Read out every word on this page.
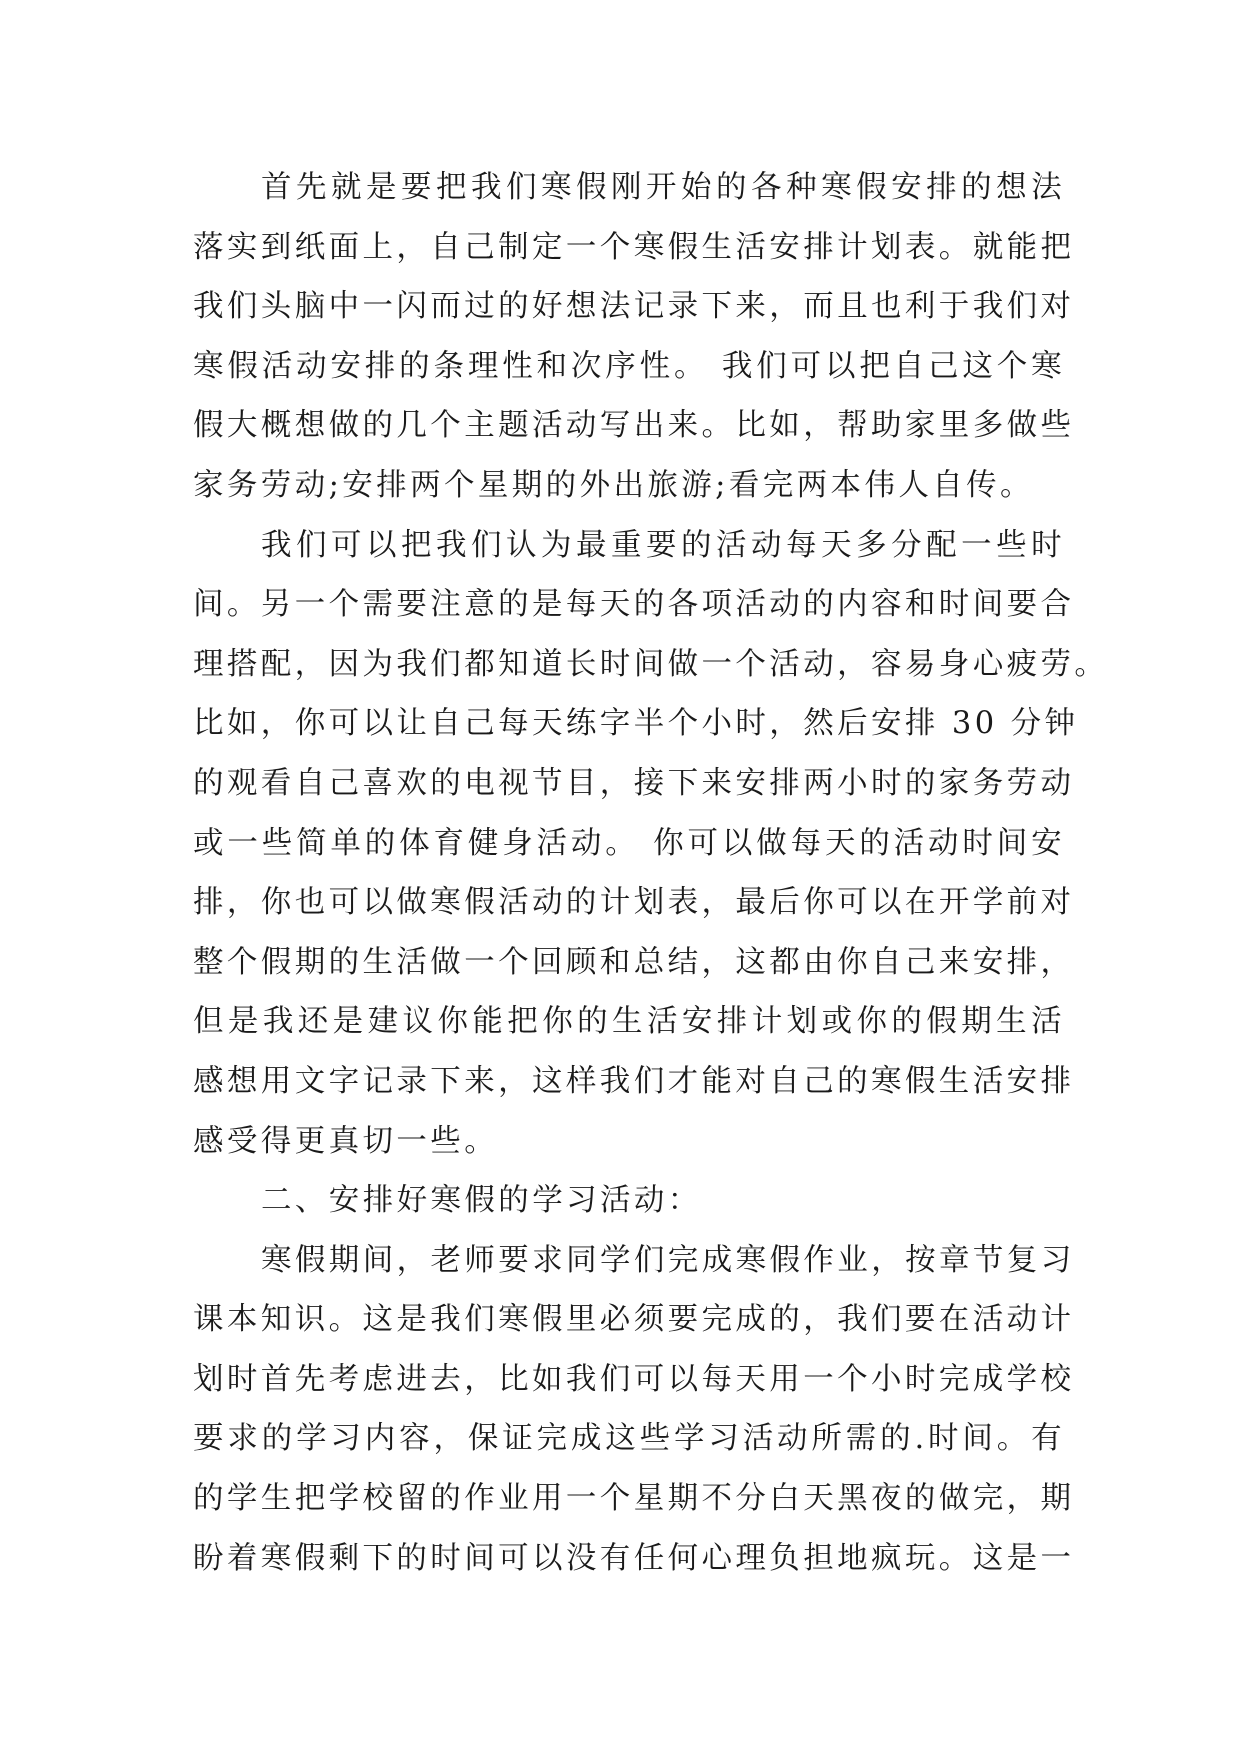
首先就是要把我们寒假刚开始的各种寒假安排的想法
落实到纸面上，自己制定一个寒假生活安排计划表。就能把
我们头脑中一闪而过的好想法记录下来，而且也利于我们对
寒假活动安排的条理性和次序性。 我们可以把自己这个寒
假大概想做的几个主题活动写出来。比如，帮助家里多做些
家务劳动;安排两个星期的外出旅游;看完两本伟人自传。
我们可以把我们认为最重要的活动每天多分配一些时
间。另一个需要注意的是每天的各项活动的内容和时间要合
理搭配，因为我们都知道长时间做一个活动，容易身心疲劳。
比如，你可以让自己每天练字半个小时，然后安排 30 分钟
的观看自己喜欢的电视节目，接下来安排两小时的家务劳动
或一些简单的体育健身活动。 你可以做每天的活动时间安
排，你也可以做寒假活动的计划表，最后你可以在开学前对
整个假期的生活做一个回顾和总结，这都由你自己来安排，
但是我还是建议你能把你的生活安排计划或你的假期生活
感想用文字记录下来，这样我们才能对自己的寒假生活安排
感受得更真切一些。
二、安排好寒假的学习活动：
寒假期间，老师要求同学们完成寒假作业，按章节复习
课本知识。这是我们寒假里必须要完成的，我们要在活动计
划时首先考虑进去，比如我们可以每天用一个小时完成学校
要求的学习内容，保证完成这些学习活动所需的.时间。有
的学生把学校留的作业用一个星期不分白天黑夜的做完，期
盼着寒假剩下的时间可以没有任何心理负担地疯玩。这是一
